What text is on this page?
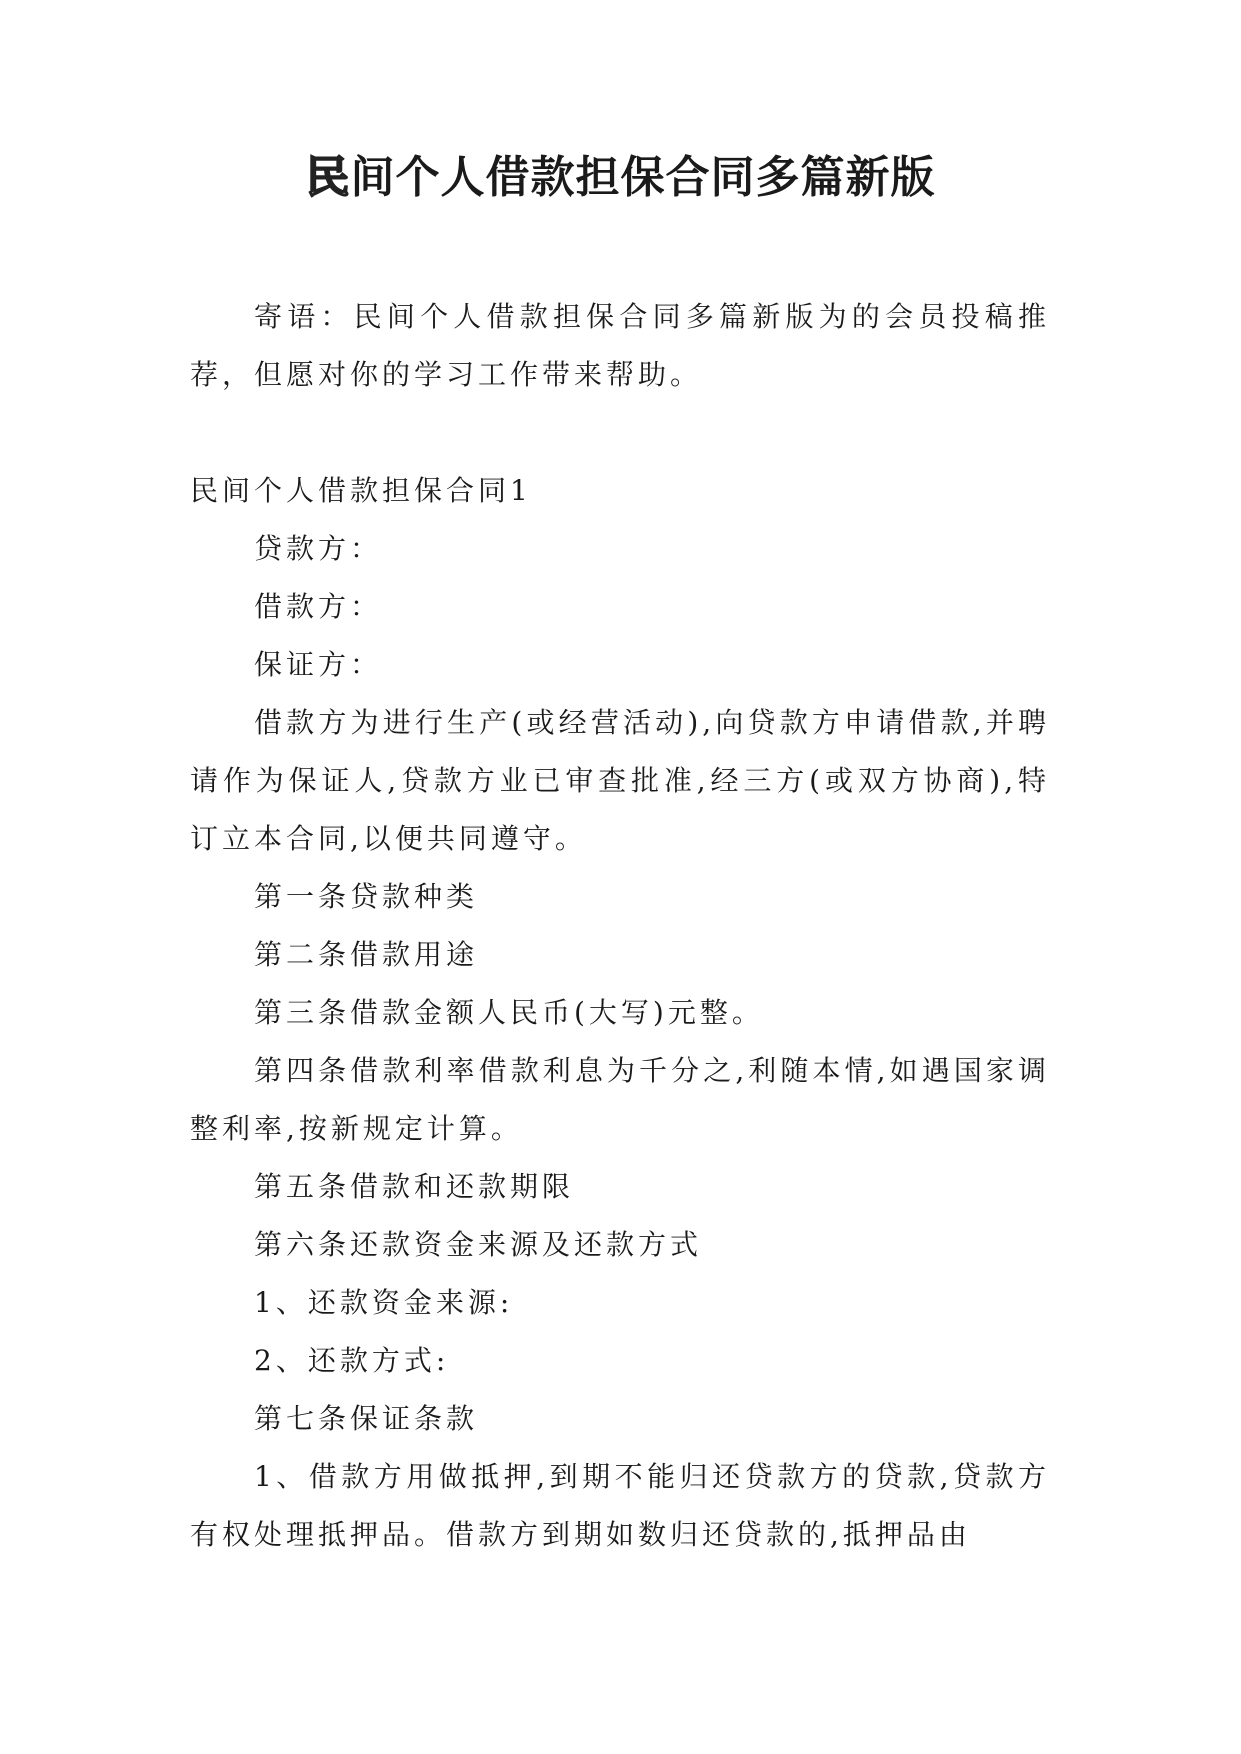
民间个人借款担保合同多篇新版

寄语：民间个人借款担保合同多篇新版为的会员投稿推荐，但愿对你的学习工作带来帮助。

民间个人借款担保合同1

贷款方：

借款方：

保证方：

借款方为进行生产(或经营活动),向贷款方申请借款,并聘请作为保证人,贷款方业已审查批准,经三方(或双方协商),特订立本合同,以便共同遵守。

第一条贷款种类

第二条借款用途

第三条借款金额人民币(大写)元整。

第四条借款利率借款利息为千分之,利随本情,如遇国家调整利率,按新规定计算。

第五条借款和还款期限

第六条还款资金来源及还款方式

1、还款资金来源:

2、还款方式:

第七条保证条款

1、借款方用做抵押,到期不能归还贷款方的贷款,贷款方有权处理抵押品。借款方到期如数归还贷款的,抵押品由
